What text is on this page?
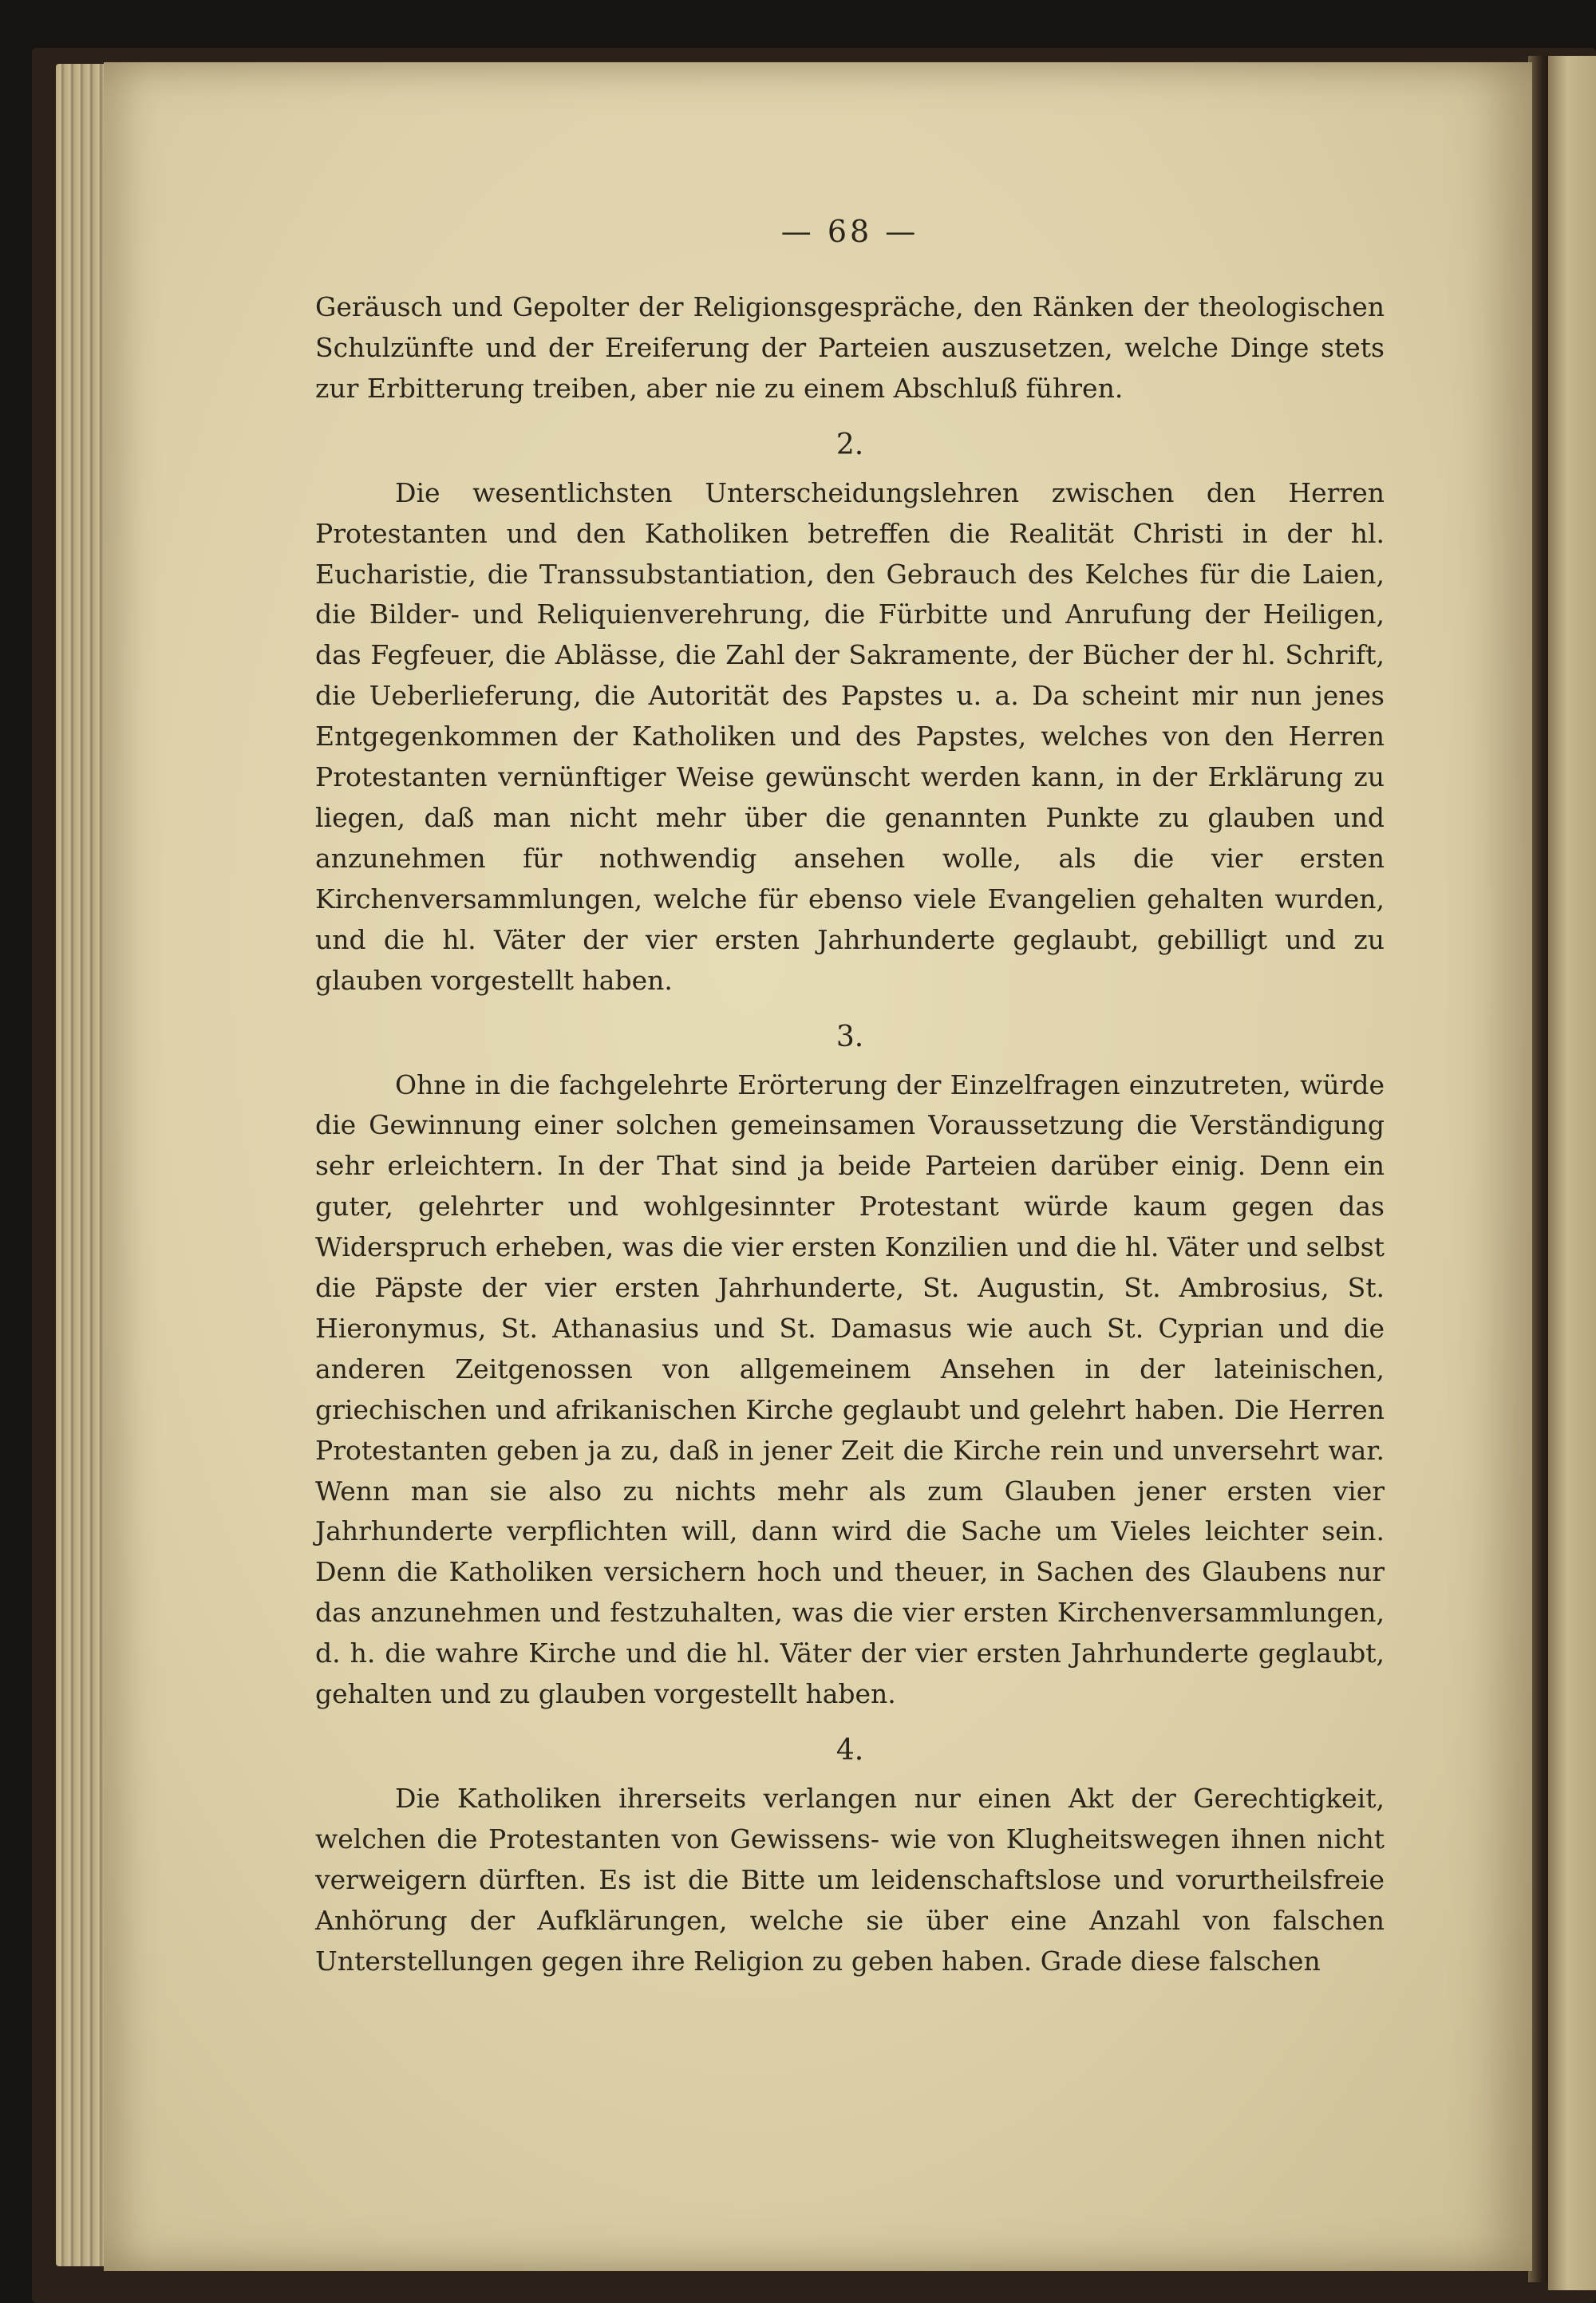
— 68 —

Geräusch und Gepolter der Religionsgespräche, den Ränken der theologischen Schulzünfte und der Ereiferung der Parteien auszusetzen, welche Dinge stets zur Erbitterung treiben, aber nie zu einem Abschluß führen.

2.

Die wesentlichsten Unterscheidungslehren zwischen den Herren Protestanten und den Katholiken betreffen die Realität Christi in der hl. Eucharistie, die Transsubstantiation, den Gebrauch des Kelches für die Laien, die Bilder- und Reliquienverehrung, die Fürbitte und Anrufung der Heiligen, das Fegfeuer, die Ablässe, die Zahl der Sakramente, der Bücher der hl. Schrift, die Ueberlieferung, die Autorität des Papstes u. a. Da scheint mir nun jenes Entgegenkommen der Katholiken und des Papstes, welches von den Herren Protestanten vernünftiger Weise gewünscht werden kann, in der Erklärung zu liegen, daß man nicht mehr über die genannten Punkte zu glauben und anzunehmen für nothwendig ansehen wolle, als die vier ersten Kirchenversammlungen, welche für ebenso viele Evangelien gehalten wurden, und die hl. Väter der vier ersten Jahrhunderte geglaubt, gebilligt und zu glauben vorgestellt haben.

3.

Ohne in die fachgelehrte Erörterung der Einzelfragen einzutreten, würde die Gewinnung einer solchen gemeinsamen Voraussetzung die Verständigung sehr erleichtern. In der That sind ja beide Parteien darüber einig. Denn ein guter, gelehrter und wohlgesinnter Protestant würde kaum gegen das Widerspruch erheben, was die vier ersten Konzilien und die hl. Väter und selbst die Päpste der vier ersten Jahrhunderte, St. Augustin, St. Ambrosius, St. Hieronymus, St. Athanasius und St. Damasus wie auch St. Cyprian und die anderen Zeitgenossen von allgemeinem Ansehen in der lateinischen, griechischen und afrikanischen Kirche geglaubt und gelehrt haben. Die Herren Protestanten geben ja zu, daß in jener Zeit die Kirche rein und unversehrt war. Wenn man sie also zu nichts mehr als zum Glauben jener ersten vier Jahrhunderte verpflichten will, dann wird die Sache um Vieles leichter sein. Denn die Katholiken versichern hoch und theuer, in Sachen des Glaubens nur das anzunehmen und festzuhalten, was die vier ersten Kirchenversammlungen, d. h. die wahre Kirche und die hl. Väter der vier ersten Jahrhunderte geglaubt, gehalten und zu glauben vorgestellt haben.

4.

Die Katholiken ihrerseits verlangen nur einen Akt der Gerechtigkeit, welchen die Protestanten von Gewissens- wie von Klugheitswegen ihnen nicht verweigern dürften. Es ist die Bitte um leidenschaftslose und vorurtheilsfreie Anhörung der Aufklärungen, welche sie über eine Anzahl von falschen Unterstellungen gegen ihre Religion zu geben haben. Grade diese falschen
